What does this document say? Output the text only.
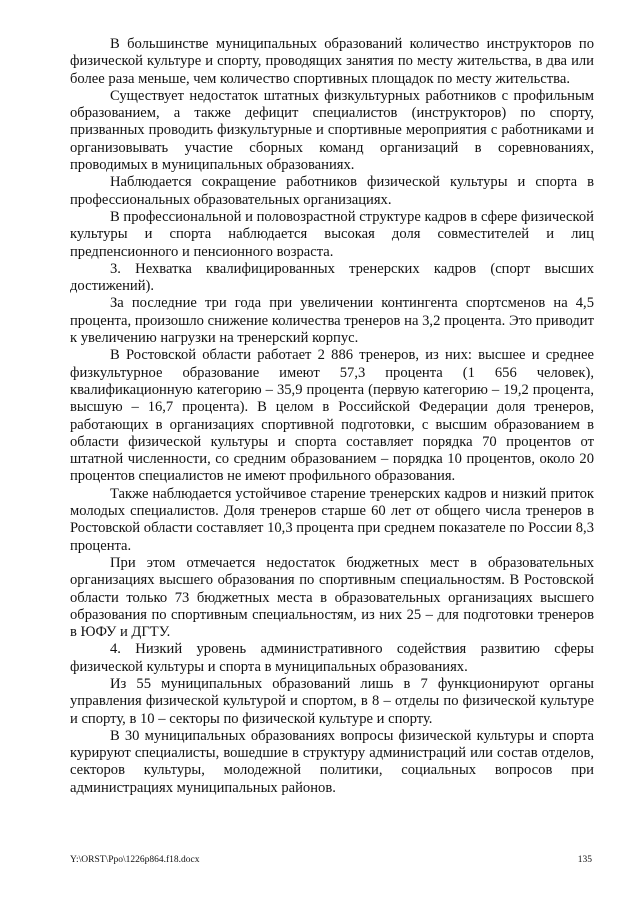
В большинстве муниципальных образований количество инструкторов по физической культуре и спорту, проводящих занятия по месту жительства, в два или более раза меньше, чем количество спортивных площадок по месту жительства.

Существует недостаток штатных физкультурных работников с профильным образованием, а также дефицит специалистов (инструкторов) по спорту, призванных проводить физкультурные и спортивные мероприятия с работниками и организовывать участие сборных команд организаций в соревнованиях, проводимых в муниципальных образованиях.

Наблюдается сокращение работников физической культуры и спорта в профессиональных образовательных организациях.

В профессиональной и половозрастной структуре кадров в сфере физической культуры и спорта наблюдается высокая доля совместителей и лиц предпенсионного и пенсионного возраста.

3. Нехватка квалифицированных тренерских кадров (спорт высших достижений).

За последние три года при увеличении контингента спортсменов на 4,5 процента, произошло снижение количества тренеров на 3,2 процента. Это приводит к увеличению нагрузки на тренерский корпус.

В Ростовской области работает 2 886 тренеров, из них: высшее и среднее физкультурное образование имеют 57,3 процента (1 656 человек), квалификационную категорию – 35,9 процента (первую категорию – 19,2 процента, высшую – 16,7 процента). В целом в Российской Федерации доля тренеров, работающих в организациях спортивной подготовки, с высшим образованием в области физической культуры и спорта составляет порядка 70 процентов от штатной численности, со средним образованием – порядка 10 процентов, около 20 процентов специалистов не имеют профильного образования.

Также наблюдается устойчивое старение тренерских кадров и низкий приток молодых специалистов. Доля тренеров старше 60 лет от общего числа тренеров в Ростовской области составляет 10,3 процента при среднем показателе по России 8,3 процента.

При этом отмечается недостаток бюджетных мест в образовательных организациях высшего образования по спортивным специальностям. В Ростовской области только 73 бюджетных места в образовательных организациях высшего образования по спортивным специальностям, из них 25 – для подготовки тренеров в ЮФУ и ДГТУ.

4. Низкий уровень административного содействия развитию сферы физической культуры и спорта в муниципальных образованиях.

Из 55 муниципальных образований лишь в 7 функционируют органы управления физической культурой и спортом, в 8 – отделы по физической культуре и спорту, в 10 – секторы по физической культуре и спорту.

В 30 муниципальных образованиях вопросы физической культуры и спорта курируют специалисты, вошедшие в структуру администраций или состав отделов, секторов культуры, молодежной политики, социальных вопросов при администрациях муниципальных районов.

Y:\ORST\Ppo\1226p864.f18.docx	135
